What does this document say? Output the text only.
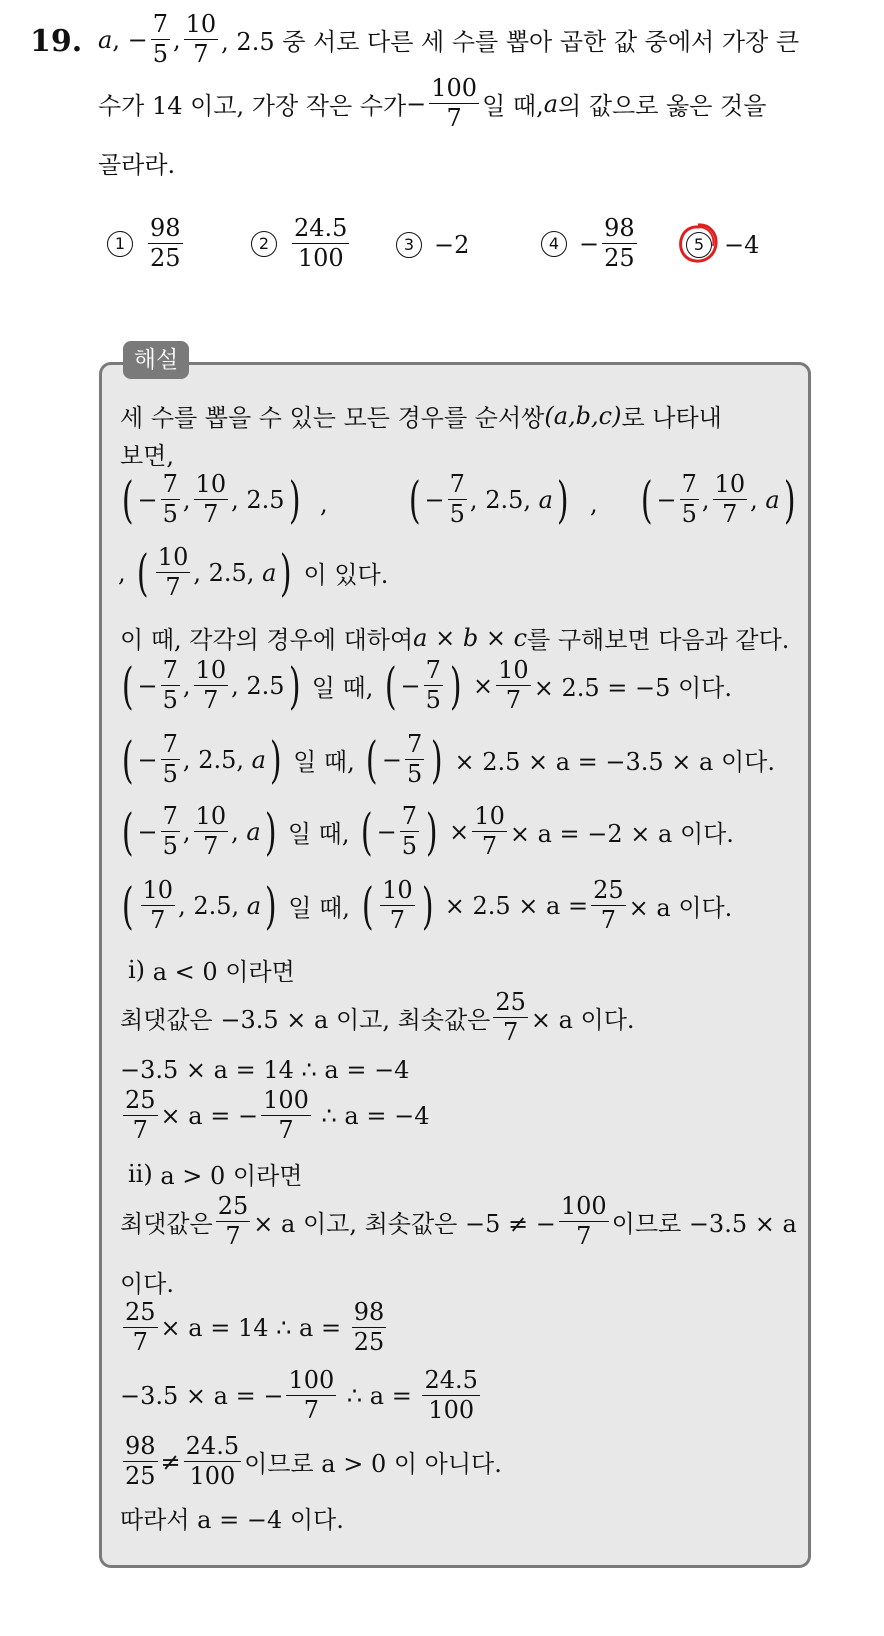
19. a ,
− $\frac{7}{5}$ ,
10
7 , 2.5 중 서로 다른 세 수를 뽑아 곱한 값 중에서 가장 큰
수가 14 이고, 가장 작은 수가 − $\frac{100}{7}$ 일 때, a 의 값으로 옳은 것을
골라라.
1
98
25
2
24.5
100	3 −2	$4 - \frac{98}{25}$	5 −4
해설
세 수를 뽑을 수 있는 모든 경우를 순서쌍 (a,b,c) 로 나타내
보면,
( − $\frac{7}{5}$ ,
10
7
,
2.5 ) , ( − $\frac{7}{5}$ ,
2.5 ,
a ) , ( − $\frac{7}{5}$ ,
10
7
,
a )
,
( 10
7
,
2.5 ,
a )
이 있다.
이 때, 각각의 경우에 대하여 a × b × c 를 구해보면 다음과 같다.
( − $\frac{7}{5}$ ,
10
7
,
2.5 )
일 때,
( − $\frac{7}{5}$ ) × $\frac{10}{7} \times 2.5 = -5$ 이다.
( − $\frac{7}{5}$ ,
2.5 ,
a )
일 때,
( − $\frac{7}{5}$ )
× 2.5 × a = −3.5 × a 이다.
( − $\frac{7}{5}$ ,
10
7
,
a )
일 때,
( − $\frac{7}{5}$ ) × $\frac{10}{7} \times a = -2 \times a$ 이다.
( 10
7
,
2.5 ,
a )
일 때,
( 10
7 )
× $2.5 \times a = \frac{25}{7} \times a$ 이다.
ⅰ)
a < 0 이라면
최댓값은 −3.5 × a 이고, 최솟값은 $\frac{25}{7} \times a$ 이다.
−3.5 × a = 14 ∴ a = −4
$\frac{25}{7} \times a$ = − $\frac{100}{7}$
∴ a = −4
ⅱ)
a > 0 이라면
최댓값은 $\frac{25}{7} \times a$ 이고, 최솟값은 −5 ≠ − $\frac{100}{7}$ 이므로 −3.5 × a
이다.
$\frac{25}{7} \times a = 14$ ∴ a =
$\frac{98}{25}$
−3.5 × a = − $\frac{100}{7}$
∴ a =
$\frac{24.5}{100}$
98
25
≠
24.5
100 이므로 a > 0 이 아니다.
따라서 a = −4 이다.
